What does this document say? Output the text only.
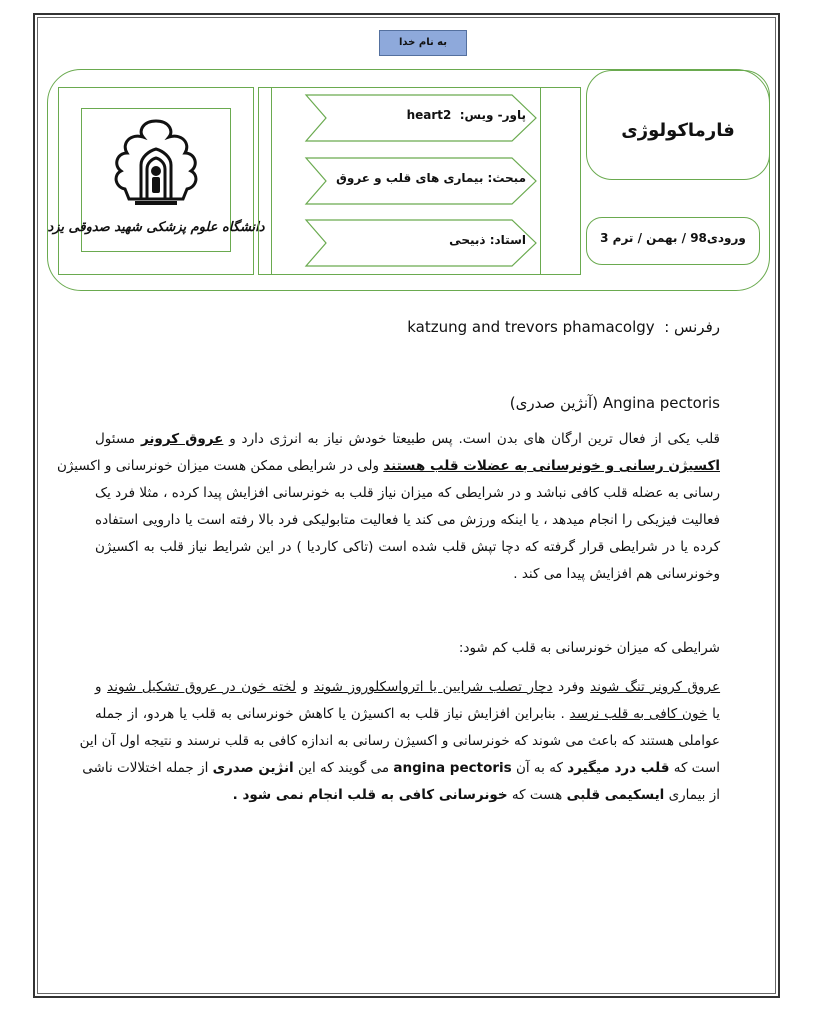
به نام خدا
دانشگاه علوم پزشکی شهید صدوقی یزد
پاور- ویس:  heart2
مبحث: بیماری های قلب و عروق
استاد: ذبیحی
فارماکولوژی
ورودی98 / بهمن / ترم 3
رفرنس :  katzung and trevors phamacolgy
Angina pectoris (آنژین صدری)
قلب یکی از فعال ترین ارگان های بدن است. پس طبیعتا خودش نیاز به انرژی دارد و عروق کرونر مسئول
اکسیژن رسانی و خونرسانی به عضلات قلب هستند ولی در شرایطی ممکن هست میزان خونرسانی و اکسیژن
رسانی به عضله قلب کافی نباشد و در شرایطی که میزان نیاز قلب به خونرسانی افزایش پیدا کرده ، مثلا فرد یک
فعالیت فیزیکی را انجام میدهد ، یا اینکه ورزش می کند یا فعالیت متابولیکی فرد بالا رفته است یا دارویی استفاده
کرده یا در شرایطی قرار گرفته که دچا تپش قلب شده است (تاکی کاردیا ) در این شرایط نیاز قلب به اکسیژن
وخونرسانی هم افزایش پیدا می کند .
شرایطی که میزان خونرسانی به قلب کم شود:
عروق کرونر تنگ شوند وفرد دچار تصلب شرایین یا اترواسکلوروز شوند و لخته خون در عروق تشکیل شوند و
یا خون کافی به قلب نرسد . بنابراین افزایش نیاز قلب به اکسیژن یا کاهش خونرسانی به قلب یا هردو، از جمله
عواملی هستند که باعث می شوند که خونرسانی و اکسیژن رسانی به اندازه کافی به قلب نرسند و نتیجه اول آن این
است که قلب درد میگیرد که به آن angina pectoris می گویند که این انژین صدری از جمله اختلالات ناشی
از بیماری ایسکیمی قلبی هست که خونرسانی کافی به قلب انجام نمی شود .
